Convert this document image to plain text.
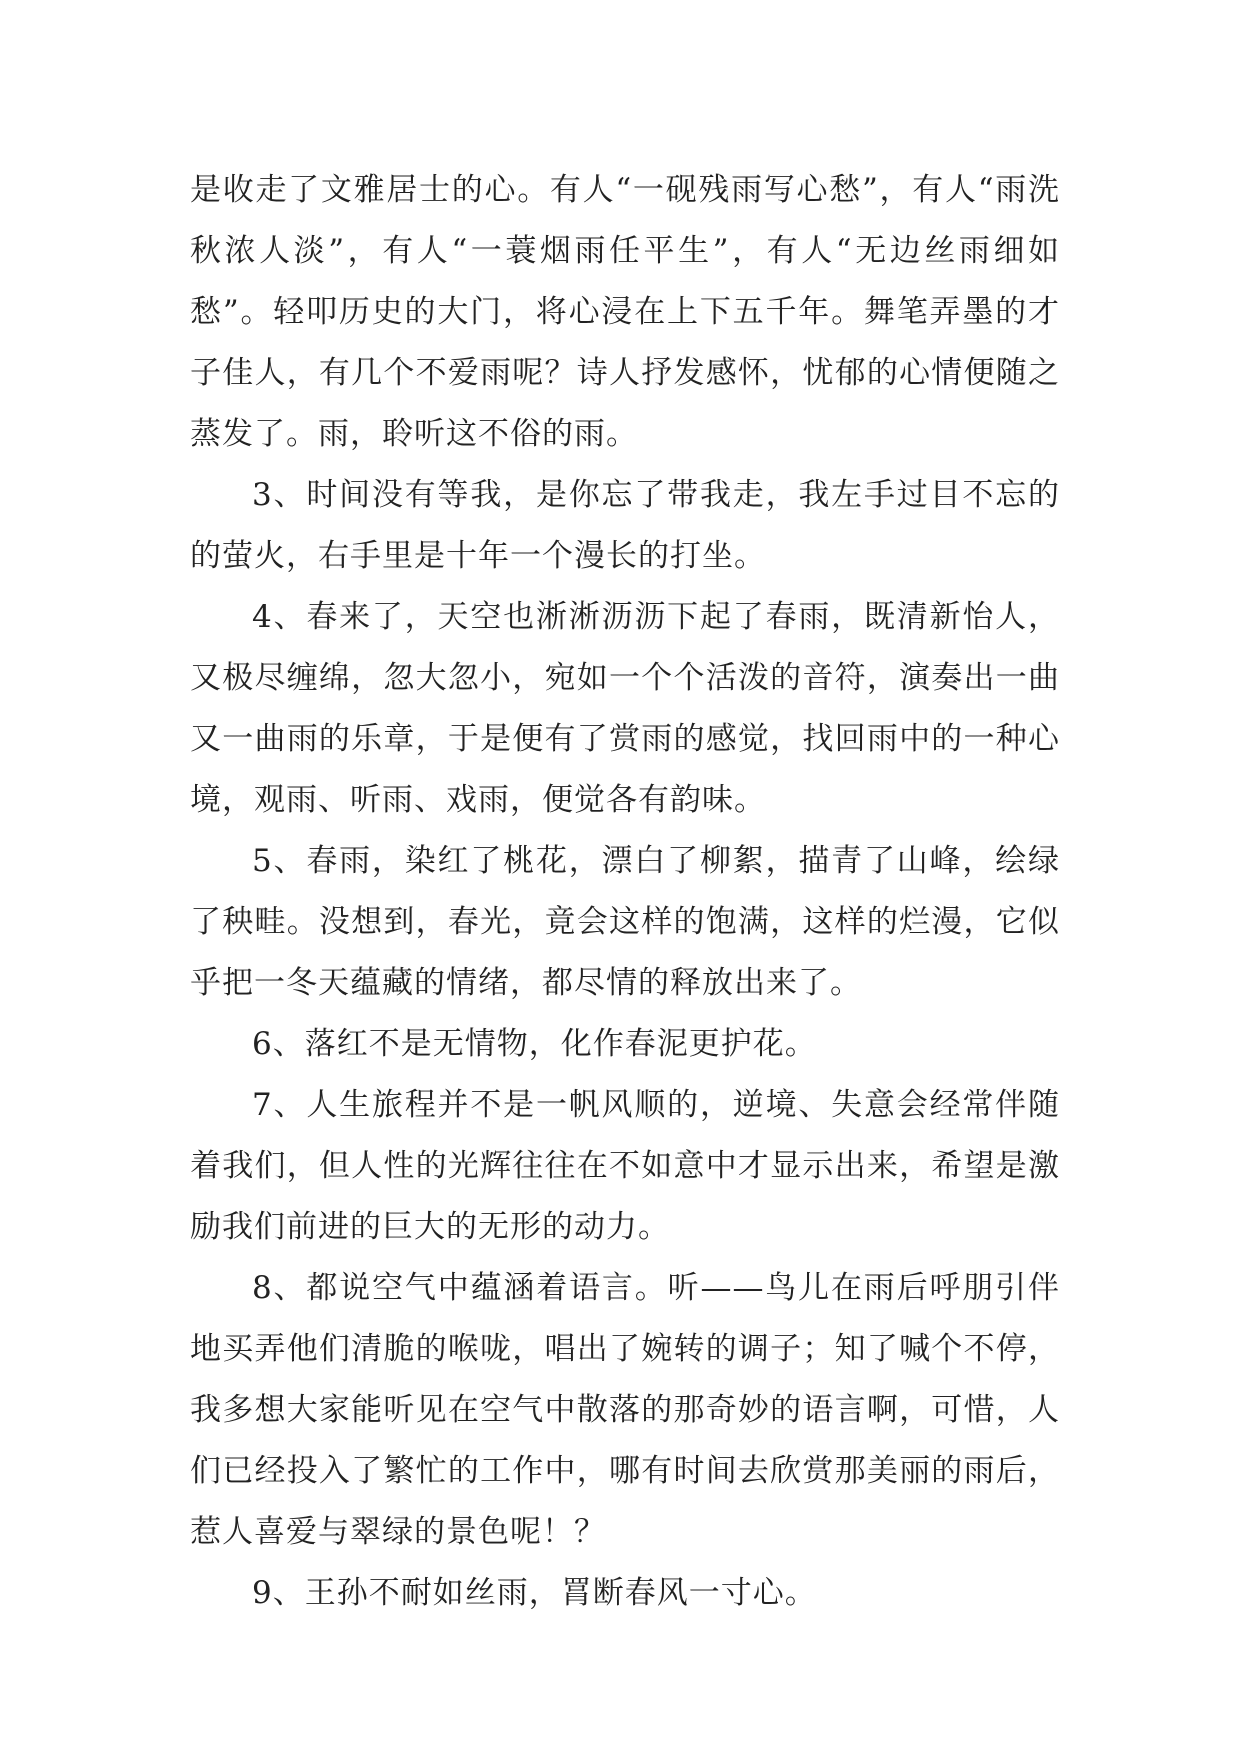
是收走了文雅居士的心。有人“一砚残雨写心愁”，有人“雨洗秋浓人淡”，有人“一蓑烟雨任平生”，有人“无边丝雨细如愁”。轻叩历史的大门，将心浸在上下五千年。舞笔弄墨的才子佳人，有几个不爱雨呢？诗人抒发感怀，忧郁的心情便随之蒸发了。雨，聆听这不俗的雨。

3、时间没有等我，是你忘了带我走，我左手过目不忘的的萤火，右手里是十年一个漫长的打坐。

4、春来了，天空也淅淅沥沥下起了春雨，既清新怡人，又极尽缠绵，忽大忽小，宛如一个个活泼的音符，演奏出一曲又一曲雨的乐章，于是便有了赏雨的感觉，找回雨中的一种心境，观雨、听雨、戏雨，便觉各有韵味。

5、春雨，染红了桃花，漂白了柳絮，描青了山峰，绘绿了秧畦。没想到，春光，竟会这样的饱满，这样的烂漫，它似乎把一冬天蕴藏的情绪，都尽情的释放出来了。

6、落红不是无情物，化作春泥更护花。

7、人生旅程并不是一帆风顺的，逆境、失意会经常伴随着我们，但人性的光辉往往在不如意中才显示出来，希望是激励我们前进的巨大的无形的动力。

8、都说空气中蕴涵着语言。听——鸟儿在雨后呼朋引伴地买弄他们清脆的喉咙，唱出了婉转的调子；知了喊个不停，我多想大家能听见在空气中散落的那奇妙的语言啊，可惜，人们已经投入了繁忙的工作中，哪有时间去欣赏那美丽的雨后，惹人喜爱与翠绿的景色呢！？

9、王孙不耐如丝雨，罥断春风一寸心。
